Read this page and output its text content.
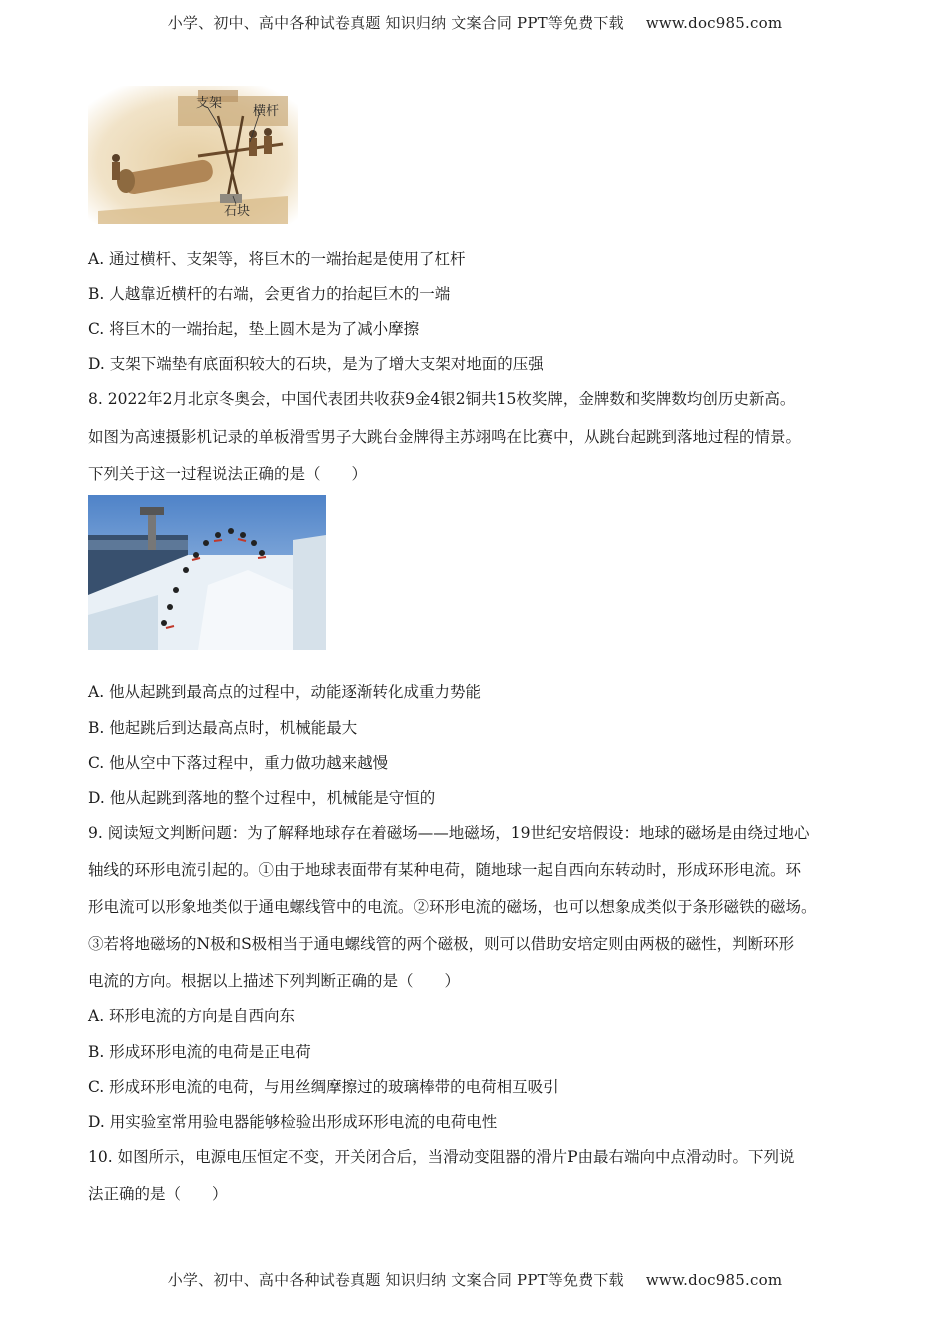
小学、初中、高中各种试卷真题 知识归纳 文案合同 PPT等免费下载 www.doc985.com
支架
横杆
石块
A. 通过横杆、支架等，将巨木的一端抬起是使用了杠杆
B. 人越靠近横杆的右端，会更省力的抬起巨木的一端
C. 将巨木的一端抬起，垫上圆木是为了减小摩擦
D. 支架下端垫有底面积较大的石块，是为了增大支架对地面的压强
8. 2022年2月北京冬奥会，中国代表团共收获9金4银2铜共15枚奖牌，金牌数和奖牌数均创历史新高。
如图为高速摄影机记录的单板滑雪男子大跳台金牌得主苏翊鸣在比赛中，从跳台起跳到落地过程的情景。
下列关于这一过程说法正确的是（　　）
A. 他从起跳到最高点的过程中，动能逐渐转化成重力势能
B. 他起跳后到达最高点时，机械能最大
C. 他从空中下落过程中，重力做功越来越慢
D. 他从起跳到落地的整个过程中，机械能是守恒的
9. 阅读短文判断问题：为了解释地球存在着磁场——地磁场，19世纪安培假设：地球的磁场是由绕过地心
轴线的环形电流引起的。①由于地球表面带有某种电荷，随地球一起自西向东转动时，形成环形电流。环
形电流可以形象地类似于通电螺线管中的电流。②环形电流的磁场，也可以想象成类似于条形磁铁的磁场。
③若将地磁场的N极和S极相当于通电螺线管的两个磁极，则可以借助安培定则由两极的磁性，判断环形
电流的方向。根据以上描述下列判断正确的是（　　）
A. 环形电流的方向是自西向东
B. 形成环形电流的电荷是正电荷
C. 形成环形电流的电荷，与用丝绸摩擦过的玻璃棒带的电荷相互吸引
D. 用实验室常用验电器能够检验出形成环形电流的电荷电性
10. 如图所示，电源电压恒定不变，开关闭合后，当滑动变阻器的滑片P由最右端向中点滑动时。下列说
法正确的是（　　）
小学、初中、高中各种试卷真题 知识归纳 文案合同 PPT等免费下载 www.doc985.com
